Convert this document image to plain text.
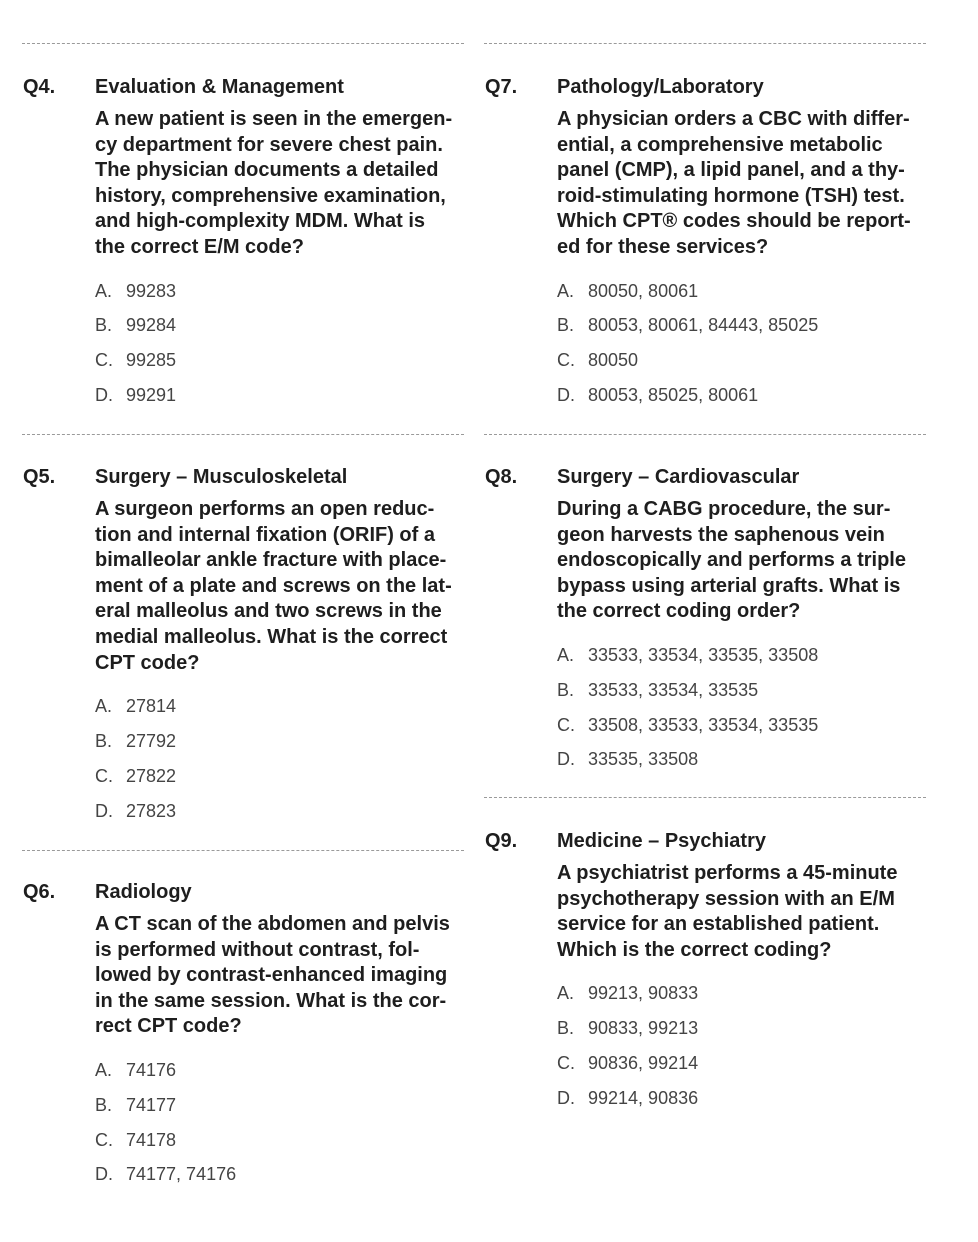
Q4. Evaluation & Management
A new patient is seen in the emergen-
cy department for severe chest pain.
The physician documents a detailed
history, comprehensive examination,
and high-complexity MDM. What is
the correct E/M code?
A. 99283
B. 99284
C. 99285
D. 99291
Q5. Surgery – Musculoskeletal
A surgeon performs an open reduc-
tion and internal fixation (ORIF) of a
bimalleolar ankle fracture with place-
ment of a plate and screws on the lat-
eral malleolus and two screws in the
medial malleolus. What is the correct
CPT code?
A. 27814
B. 27792
C. 27822
D. 27823
Q6. Radiology
A CT scan of the abdomen and pelvis
is performed without contrast, fol-
lowed by contrast-enhanced imaging
in the same session. What is the cor-
rect CPT code?
A. 74176
B. 74177
C. 74178
D. 74177, 74176
Q7. Pathology/Laboratory
A physician orders a CBC with differ-
ential, a comprehensive metabolic
panel (CMP), a lipid panel, and a thy-
roid-stimulating hormone (TSH) test.
Which CPT® codes should be report-
ed for these services?
A. 80050, 80061
B. 80053, 80061, 84443, 85025
C. 80050
D. 80053, 85025, 80061
Q8. Surgery – Cardiovascular
During a CABG procedure, the sur-
geon harvests the saphenous vein
endoscopically and performs a triple
bypass using arterial grafts. What is
the correct coding order?
A. 33533, 33534, 33535, 33508
B. 33533, 33534, 33535
C. 33508, 33533, 33534, 33535
D. 33535, 33508
Q9. Medicine – Psychiatry
A psychiatrist performs a 45-minute
psychotherapy session with an E/M
service for an established patient.
Which is the correct coding?
A. 99213, 90833
B. 90833, 99213
C. 90836, 99214
D. 99214, 90836
